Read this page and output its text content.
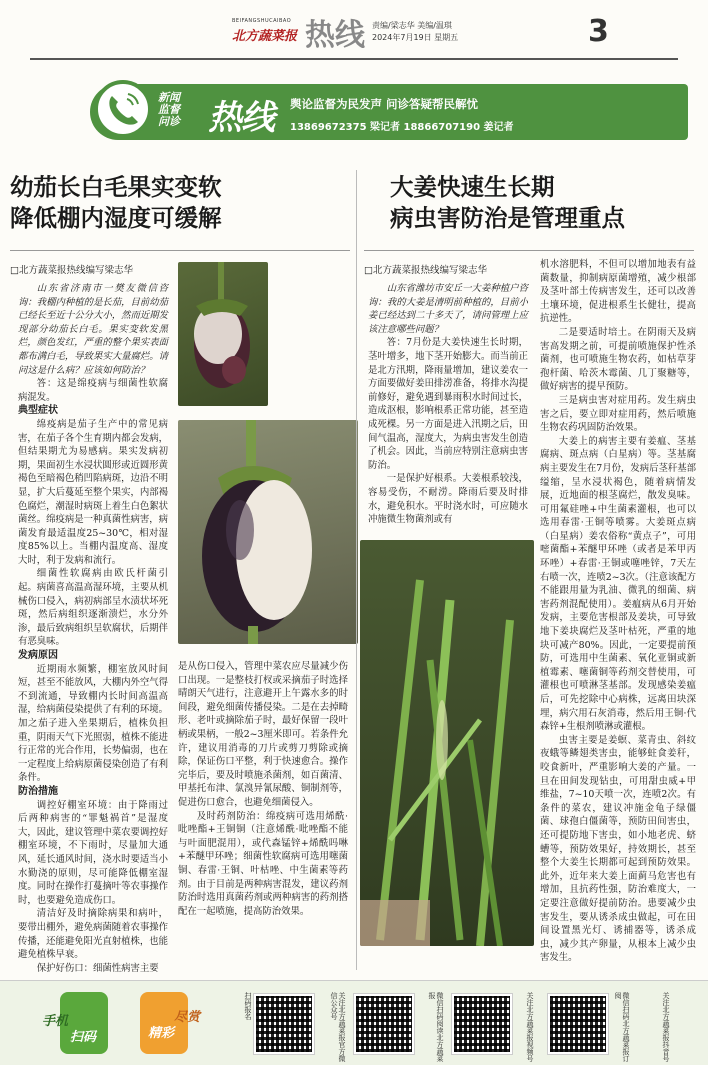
BEIFANGSHUCAIBAO
北方蔬菜报 热线 责编/梁志华 美编/温琪
2024年7月19日 星期五	3
新闻
监督
问诊 热线 舆论监督为民发声 问诊答疑帮民解忧
13869672375 梁记者 18866707190 姜记者
幼茄长白毛果实变软
降低棚内湿度可缓解
□北方蔬菜报热线编写梁志华

山东省济南市一樊友微信咨询：我棚内种植的是长茄，目前幼茄已经长至近十公分大小，然而近期发现部分幼茄长白毛。果实变软发黑烂，颜色发红，严重的整个果实表面都布满白毛，导致果实大量腐烂。请问这是什么病？应该如何防治？

答：这是绵疫病与细菌性软腐病混发。

典型症状

绵疫病是茄子生产中的常见病害，在茄子各个生育期内都会发病，但结果期尤为易感病。果实发病初期，果面初生水浸状圆形或近圆形黄褐色至暗褐色稍凹陷病斑，边沿不明显，扩大后蔓延至整个果实，内部褐色腐烂，潮湿时病斑上着生白色絮状菌丝。绵疫病是一种真菌性病害，病菌发育最适温度25~30℃，相对湿度85%以上。当棚内温度高、湿度大时，利于发病和流行。

细菌性软腐病由欧氏杆菌引起。病菌喜高温高湿环境，主要从机械伤口侵入，病初病部呈水渍状坏死斑，然后病组织逐渐溃烂，水分外渗，最后致病组织呈软腐状，后期伴有恶臭味。

发病原因

近期雨水频繁，棚室放风时间短，甚至不能放风，大棚内外空气得不到流通，导致棚内长时间高温高湿，给病菌侵染提供了有利的环境。加之茄子进入坐果期后，植株负担重，阴雨天气下光照弱，植株不能进行正常的光合作用，长势偏弱，也在一定程度上给病原菌侵染创造了有利条件。

防治措施

调控好棚室环境：由于降雨过后两种病害的“罪魁祸首”是湿度大，因此，建议管理中菜农要调控好棚室环境，不下雨时，尽量加大通风，延长通风时间，浇水时要适当小水勤浇的原则，尽可能降低棚室湿度。同时在操作打蔓摘叶等农事操作时，也要避免造成伤口。

清洁好及时摘除病果和病叶，要带出棚外，避免病菌随着农事操作传播，还能避免阳光直射植株，也能避免植株早衰。

保护好伤口：细菌性病害主要

是从伤口侵入，管理中菜农应尽量减少伤口出现。一是整枝打杈或采摘茄子时选择晴朗天气进行，注意避开上午露水多的时间段，避免细菌传播侵染。二是在去掉畸形、老叶或摘除茄子时，最好保留一段叶柄或果柄，一般2~3厘米即可。若条件允许，建议用消毒的刀片或剪刀剪除或摘除，保证伤口平整，利于快速愈合。操作完毕后，要及时喷施杀菌剂，如百菌清、甲基托布津、氯溴异氰尿酸、铜制剂等，促进伤口愈合，也避免细菌侵入。

及时药剂防治：绵疫病可选用烯酰·吡唑酯+王铜铜（注意烯酰·吡唑酯不能与叶面肥混用），或代森锰锌+烯酰吗啉+苯醚甲环唑；细菌性软腐病可选用噻菌铜、春雷·王铜、叶枯唑、中生菌素等药剂。由于目前是两种病害混发，建议药剂防治时选用真菌药剂或两种病害的药剂搭配在一起喷施，提高防治效果。

大姜快速生长期
病虫害防治是管理重点
□北方蔬菜报热线编写梁志华

山东省潍坊市安丘一大姜种植户咨询：我的大姜是清明前种植的，目前小姜已经达到二十多天了，请问管理上应该注意哪些问题？

答：7月份是大姜快速生长时期，茎叶增多，地下茎开始膨大。而当前正是北方汛期，降雨量增加，建议姜农一方面要做好姜田排涝准备，将排水沟提前修好，避免遇到暴雨积水时间过长，造成沤根，影响根系正常功能，甚至造成死棵。另一方面是进入汛期之后，田间气温高，湿度大，为病虫害发生创造了机会。因此，当前应特别注意病虫害防治。

一是保护好根系。大姜根系较浅，容易受伤，不耐涝。降雨后要及时排水，避免积水。平时浇水时，可应随水冲施微生物菌剂或有

机水溶肥料，不但可以增加地表有益菌数量，抑制病原菌增殖，减少根部及茎叶部土传病害发生，还可以改善土壤环境，促进根系生长健壮，提高抗逆性。

二是要适时培土。在阴雨天及病害高发期之前，可提前喷施保护性杀菌剂，也可喷施生物农药，如枯草芽孢杆菌、哈茨木霉菌、几丁聚糖等，做好病害的提早预防。

三是病虫害对症用药。发生病虫害之后，要立即对症用药，然后喷施生物农药巩固防治效果。

大姜上的病害主要有姜瘟、茎基腐病、斑点病（白星病）等。茎基腐病主要发生在7月份，发病后茎秆基部缢缩，呈水浸状褐色，随着病情发展，近地面的根茎腐烂，散发臭味。可用氟硅唑+中生菌素灌根，也可以选用春雷·王铜等喷雾。大姜斑点病（白星病）姜农俗称“黄点子”，可用嘧菌酯+苯醚甲环唑（或者是苯甲丙环唑）+春雷·王铜或噻唑锌，7天左右喷一次，连喷2~3次。（注意该配方不能跟用量为乳油、微乳的细菌、病害药剂混配使用）。姜瘟病从6月开始发病，主要危害根部及姜块，可导致地下姜块腐烂及茎叶枯死，严重的地块可减产80%。因此，一定要提前预防，可选用中生菌素、氧化亚铜或新植霉素、噻菌铜等药剂交替使用，可灌根也可喷淋茎基部。发现感染姜瘟后，可先挖除中心病株，远离田块深埋，病穴用石灰消毒，然后用王铜·代森锌+生根剂喷淋或灌根。

虫害主要是姜螟、菜青虫、斜纹夜蛾等鳞翅类害虫，能够蛀食姜秆，咬食新叶，严重影响大姜的产量。一旦在田间发现钻虫，可用甜虫威+甲维盐，7~10天喷一次，连喷2次。有条件的菜农，建议冲施金龟子绿僵菌、球孢白僵菌等，预防田间害虫，还可提防地下害虫，如小地老虎、蛴螬等，预防效果好，持效期长，甚至整个大姜生长期都可起到预防效果。此外，近年来大姜上面蓟马危害也有增加，且抗药性强，防治难度大，一定要注意做好提前防治。患要减少虫害发生，要从诱杀成虫做起，可在田间设置黑光灯、诱捕器等，诱杀成虫，减少其产卵量，从根本上减少虫害发生。

手机
扫码
尽赏
精彩
扫码报名	关注北方蔬菜报官方微信公众号	微信扫码阅读北方蔬菜报	关注北方蔬菜报视频号	微信扫码北方蔬菜报订阅	关注北方蔬菜报抖音号
